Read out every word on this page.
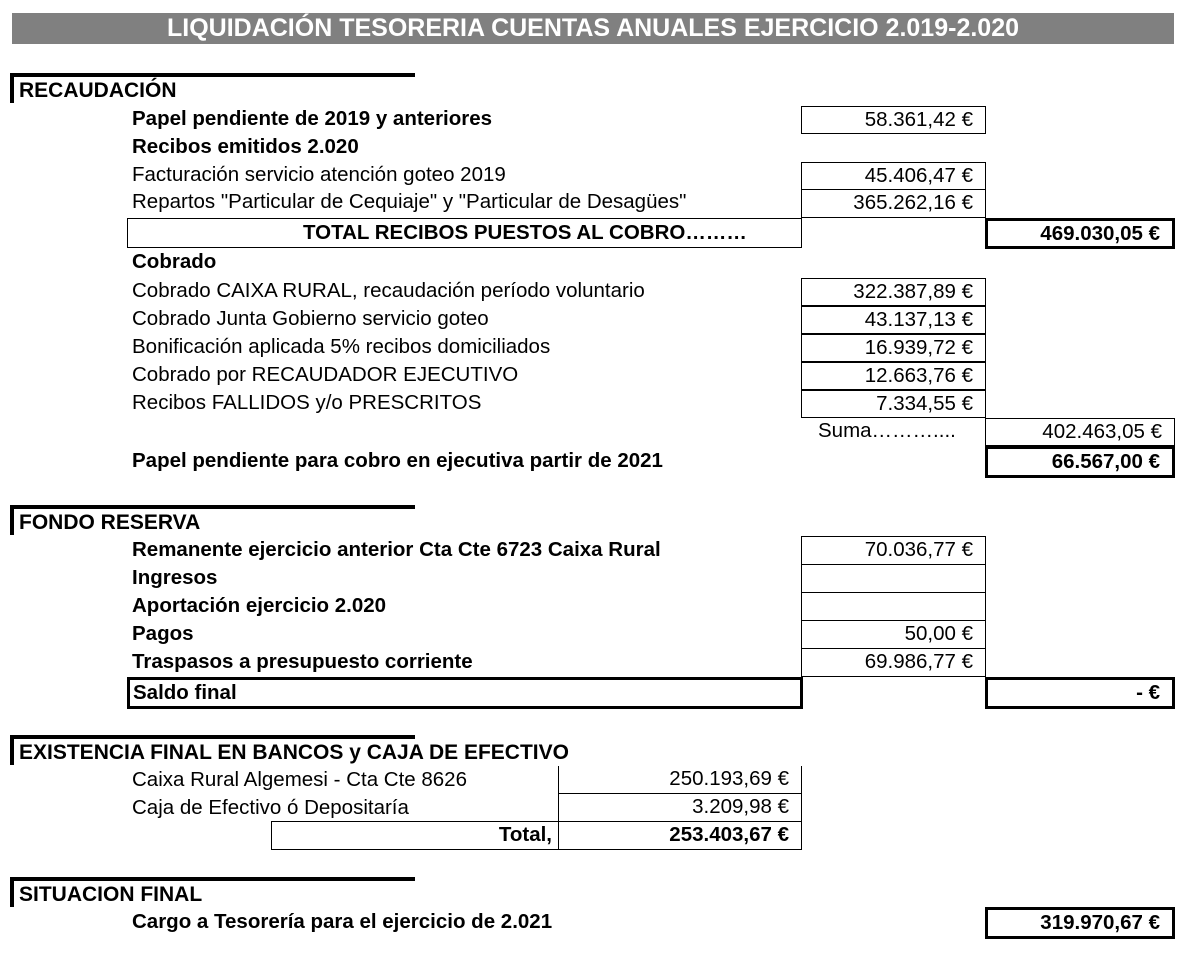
LIQUIDACIÓN TESORERIA CUENTAS ANUALES EJERCICIO 2.019-2.020
RECAUDACIÓN
Papel pendiente de 2019 y anteriores	58.361,42 €
Recibos emitidos 2.020
Facturación servicio atención goteo 2019	45.406,47 €
Repartos "Particular de Cequiaje" y "Particular de Desagües"	365.262,16 €
TOTAL RECIBOS PUESTOS AL COBRO………	469.030,05 €
Cobrado
Cobrado CAIXA RURAL, recaudación período voluntario	322.387,89 €
Cobrado Junta Gobierno servicio goteo	43.137,13 €
Bonificación aplicada 5% recibos domiciliados	16.939,72 €
Cobrado por RECAUDADOR EJECUTIVO	12.663,76 €
Recibos FALLIDOS y/o PRESCRITOS	7.334,55 €
Suma………....	402.463,05 €
Papel pendiente para cobro en ejecutiva partir de 2021	66.567,00 €
FONDO RESERVA
Remanente ejercicio anterior Cta Cte 6723 Caixa Rural	70.036,77 €
Ingresos
Aportación ejercicio 2.020
Pagos	50,00 €
Traspasos a presupuesto corriente	69.986,77 €
Saldo final	- €
EXISTENCIA FINAL EN BANCOS y CAJA DE EFECTIVO
Caixa Rural Algemesi - Cta Cte 8626	250.193,69 €
Caja de Efectivo ó Depositaría	3.209,98 €
Total,	253.403,67 €
SITUACION FINAL
Cargo a Tesorería para el ejercicio de 2.021	319.970,67 €
